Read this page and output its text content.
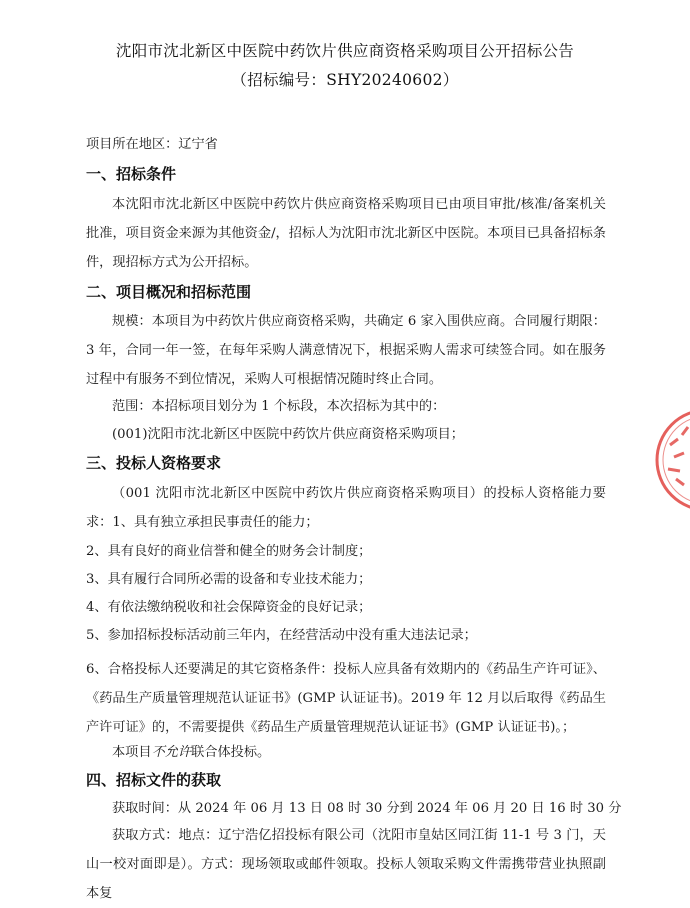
沈阳市沈北新区中医院中药饮片供应商资格采购项目公开招标公告
（招标编号：SHY20240602）
项目所在地区：辽宁省
一、招标条件
本沈阳市沈北新区中医院中药饮片供应商资格采购项目已由项目审批/核准/备案机关批准，项目资金来源为其他资金/，招标人为沈阳市沈北新区中医院。本项目已具备招标条件，现招标方式为公开招标。
二、项目概况和招标范围
规模：本项目为中药饮片供应商资格采购，共确定 6 家入围供应商。合同履行期限：3 年，合同一年一签，在每年采购人满意情况下，根据采购人需求可续签合同。如在服务过程中有服务不到位情况，采购人可根据情况随时终止合同。
范围：本招标项目划分为 1 个标段，本次招标为其中的：
(001)沈阳市沈北新区中医院中药饮片供应商资格采购项目；
三、投标人资格要求
（001 沈阳市沈北新区中医院中药饮片供应商资格采购项目）的投标人资格能力要求：1、具有独立承担民事责任的能力；
2、具有良好的商业信誉和健全的财务会计制度；
3、具有履行合同所必需的设备和专业技术能力；
4、有依法缴纳税收和社会保障资金的良好记录；
5、参加招标投标活动前三年内，在经营活动中没有重大违法记录；
6、合格投标人还要满足的其它资格条件：投标人应具备有效期内的《药品生产许可证》、《药品生产质量管理规范认证证书》(GMP 认证证书)。2019 年 12 月以后取得《药品生产许可证》的，不需要提供《药品生产质量管理规范认证证书》(GMP 认证证书)。；
本项目不允许联合体投标。
四、招标文件的获取
获取时间：从 2024 年 06 月 13 日 08 时 30 分到 2024 年 06 月 20 日 16 时 30 分
获取方式：地点：辽宁浩亿招投标有限公司（沈阳市皇姑区同江街 11-1 号 3 门，天山一校对面即是）。方式：现场领取或邮件领取。投标人领取采购文件需携带营业执照副本复
